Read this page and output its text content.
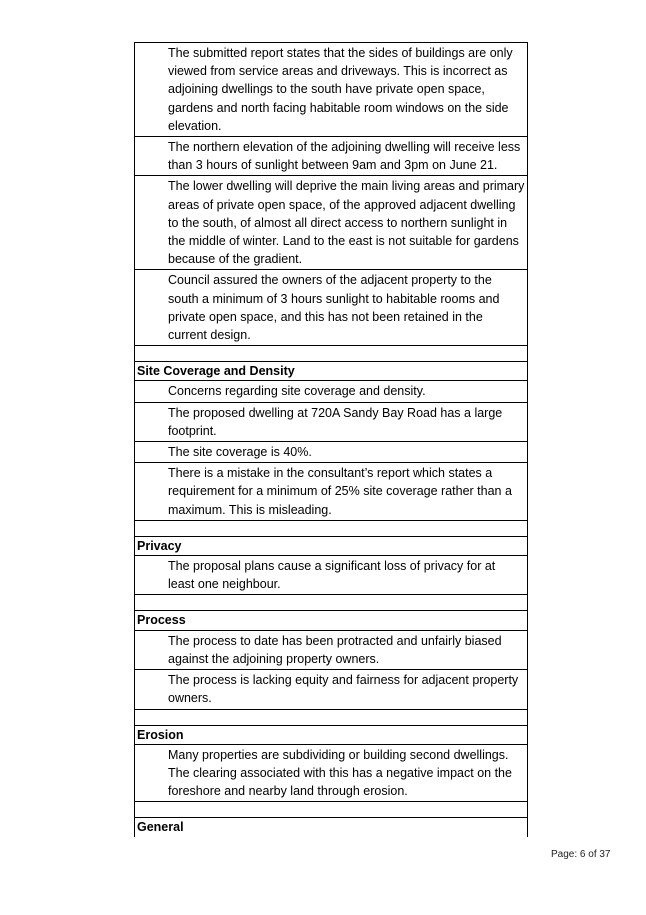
The submitted report states that the sides of buildings are only viewed from service areas and driveways. This is incorrect as adjoining dwellings to the south have private open space, gardens and north facing habitable room windows on the side elevation.
The northern elevation of the adjoining dwelling will receive less than 3 hours of sunlight between 9am and 3pm on June 21.
The lower dwelling will deprive the main living areas and primary areas of private open space, of the approved adjacent dwelling to the south, of almost all direct access to northern sunlight in the middle of winter. Land to the east is not suitable for gardens because of the gradient.
Council assured the owners of the adjacent property to the south a minimum of 3 hours sunlight to habitable rooms and private open space, and this has not been retained in the current design.

Site Coverage and Density
Concerns regarding site coverage and density.
The proposed dwelling at 720A Sandy Bay Road has a large footprint.
The site coverage is 40%.
There is a mistake in the consultant’s report which states a requirement for a minimum of 25% site coverage rather than a maximum. This is misleading.

Privacy
The proposal plans cause a significant loss of privacy for at least one neighbour.

Process
The process to date has been protracted and unfairly biased against the adjoining property owners.
The process is lacking equity and fairness for adjacent property owners.

Erosion
Many properties are subdividing or building second dwellings. The clearing associated with this has a negative impact on the foreshore and nearby land through erosion.

General
Page: 6 of 37
